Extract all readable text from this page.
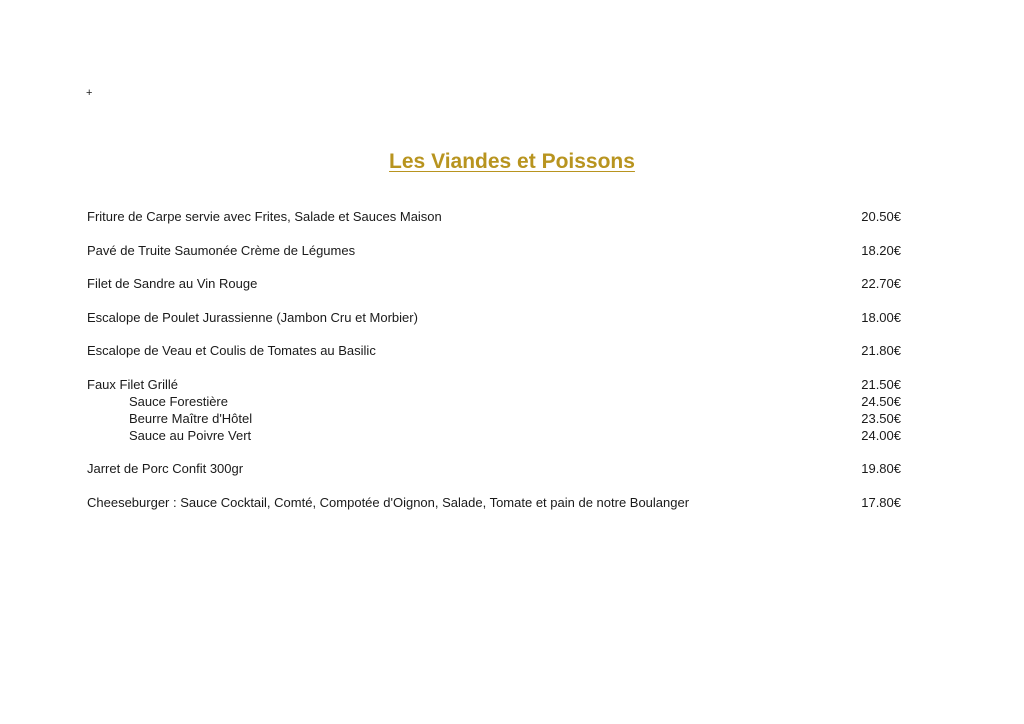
+
Les Viandes et Poissons
Friture de Carpe servie avec Frites, Salade et Sauces Maison	20.50€
Pavé de Truite Saumonée Crème de Légumes	18.20€
Filet de Sandre au Vin Rouge	22.70€
Escalope de Poulet Jurassienne (Jambon Cru et Morbier)	18.00€
Escalope de Veau et Coulis de Tomates au Basilic	21.80€
Faux Filet Grillé	21.50€
Sauce Forestière	24.50€
Beurre Maître d'Hôtel	23.50€
Sauce au Poivre Vert	24.00€
Jarret de Porc Confit 300gr	19.80€
Cheeseburger : Sauce Cocktail, Comté, Compotée d'Oignon, Salade, Tomate et pain de notre Boulanger	17.80€
